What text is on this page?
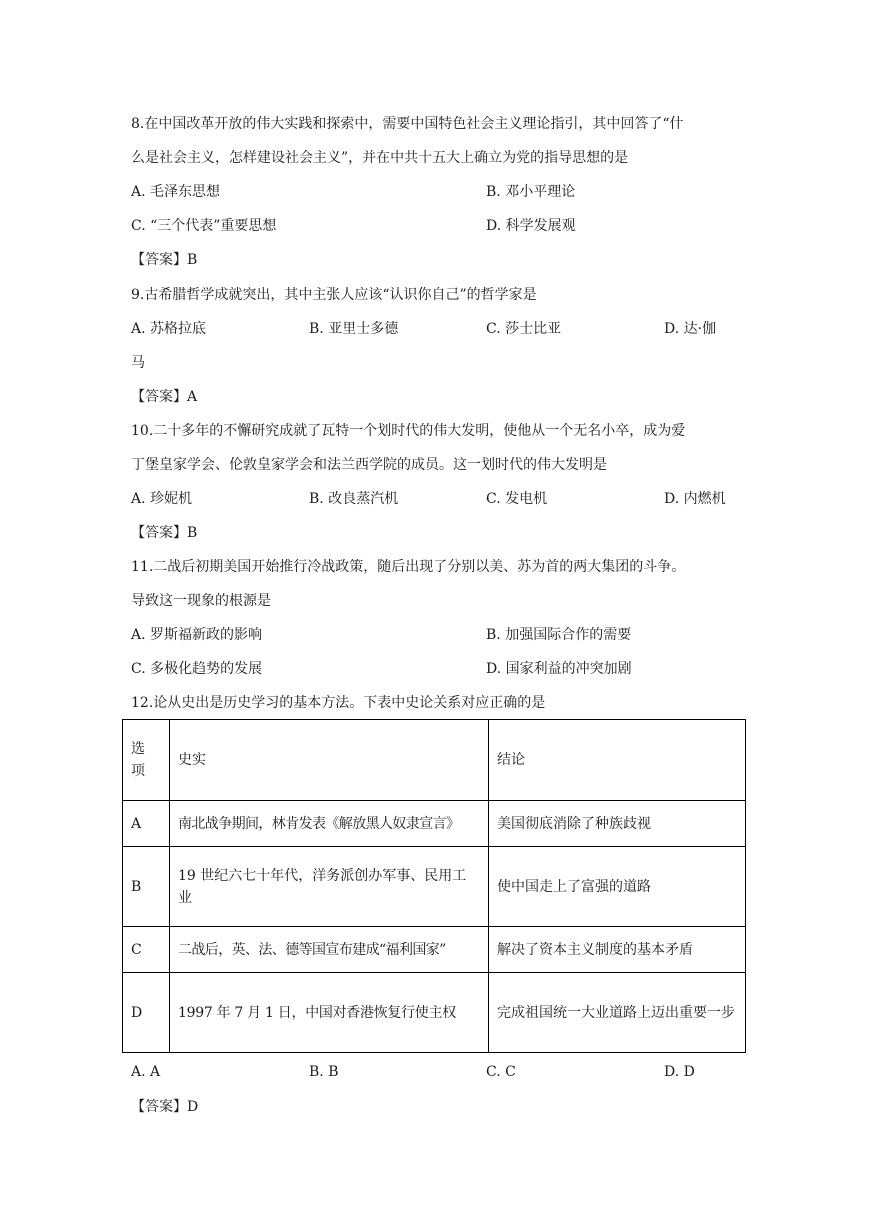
8.在中国改革开放的伟大实践和探索中，需要中国特色社会主义理论指引，其中回答了“什
么是社会主义，怎样建设社会主义”，并在中共十五大上确立为党的指导思想的是
A. 毛泽东思想	B. 邓小平理论
C. “三个代表”重要思想	D. 科学发展观
【答案】B
9.古希腊哲学成就突出，其中主张人应该“认识你自己”的哲学家是
A. 苏格拉底	B. 亚里士多德	C. 莎士比亚	D. 达·伽
马
【答案】A
10.二十多年的不懈研究成就了瓦特一个划时代的伟大发明，使他从一个无名小卒，成为爱
丁堡皇家学会、伦敦皇家学会和法兰西学院的成员。这一划时代的伟大发明是
A. 珍妮机	B. 改良蒸汽机	C. 发电机	D. 内燃机
【答案】B
11.二战后初期美国开始推行冷战政策，随后出现了分别以美、苏为首的两大集团的斗争。
导致这一现象的根源是
A. 罗斯福新政的影响	B. 加强国际合作的需要
C. 多极化趋势的发展	D. 国家利益的冲突加剧
12.论从史出是历史学习的基本方法。下表中史论关系对应正确的是
选项	史实	结论
A	南北战争期间，林肯发表《解放黑人奴隶宣言》	美国彻底消除了种族歧视
B	19 世纪六七十年代，洋务派创办军事、民用工业	使中国走上了富强的道路
C	二战后，英、法、德等国宣布建成“福利国家”	解决了资本主义制度的基本矛盾
D	1997 年 7 月 1 日，中国对香港恢复行使主权	完成祖国统一大业道路上迈出重要一步
A. A	B. B	C. C	D. D
【答案】D
